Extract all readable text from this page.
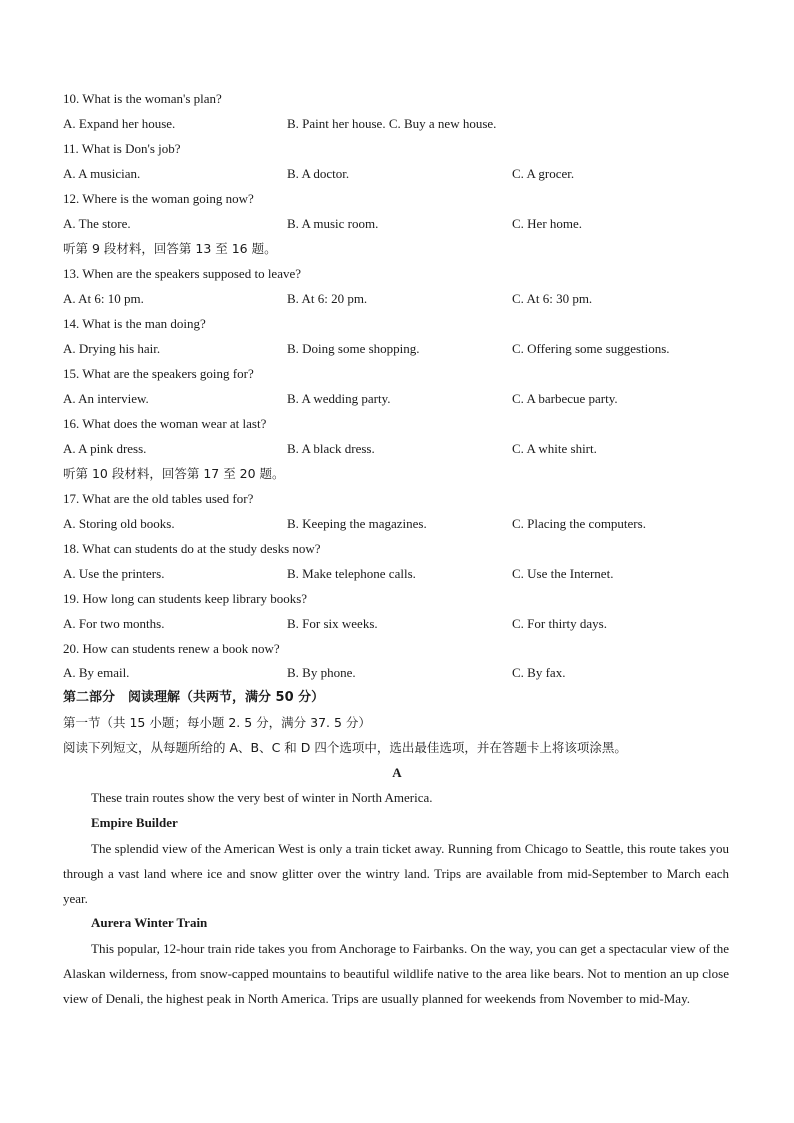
10. What is the woman's plan?
A. Expand her house.	B. Paint her house. C. Buy a new house.
11. What is Don's job?
A. A musician.	B. A doctor.	C. A grocer.
12. Where is the woman going now?
A. The store.	B. A music room.	C. Her home.
听第 9 段材料，回答第 13 至 16 题。
13. When are the speakers supposed to leave?
A. At 6: 10 pm.	B. At 6: 20 pm.	C. At 6: 30 pm.
14. What is the man doing?
A. Drying his hair.	B. Doing some shopping.	C. Offering some suggestions.
15. What are the speakers going for?
A. An interview.	B. A wedding party.	C. A barbecue party.
16. What does the woman wear at last?
A. A pink dress.	B. A black dress.	C. A white shirt.
听第 10 段材料，回答第 17 至 20 题。
17. What are the old tables used for?
A. Storing old books.	B. Keeping the magazines.	C. Placing the computers.
18. What can students do at the study desks now?
A. Use the printers.	B. Make telephone calls.	C. Use the Internet.
19. How long can students keep library books?
A. For two months.	B. For six weeks.	C. For thirty days.
20. How can students renew a book now?
A. By email.	B. By phone.	C. By fax.
第二部分　阅读理解（共两节，满分 50 分）
第一节（共 15 小题；每小题 2. 5 分，满分 37. 5 分）
阅读下列短文，从每题所给的 A、B、C 和 D 四个选项中，选出最佳选项，并在答题卡上将该项涂黑。
A
These train routes show the very best of winter in North America.
Empire Builder
The splendid view of the American West is only a train ticket away. Running from Chicago to Seattle, this route takes you through a vast land where ice and snow glitter over the wintry land. Trips are available from mid-September to March each year.
Aurera Winter Train
This popular, 12-hour train ride takes you from Anchorage to Fairbanks. On the way, you can get a spectacular view of the Alaskan wilderness, from snow-capped mountains to beautiful wildlife native to the area like bears. Not to mention an up close view of Denali, the highest peak in North America. Trips are usually planned for weekends from November to mid-May.
